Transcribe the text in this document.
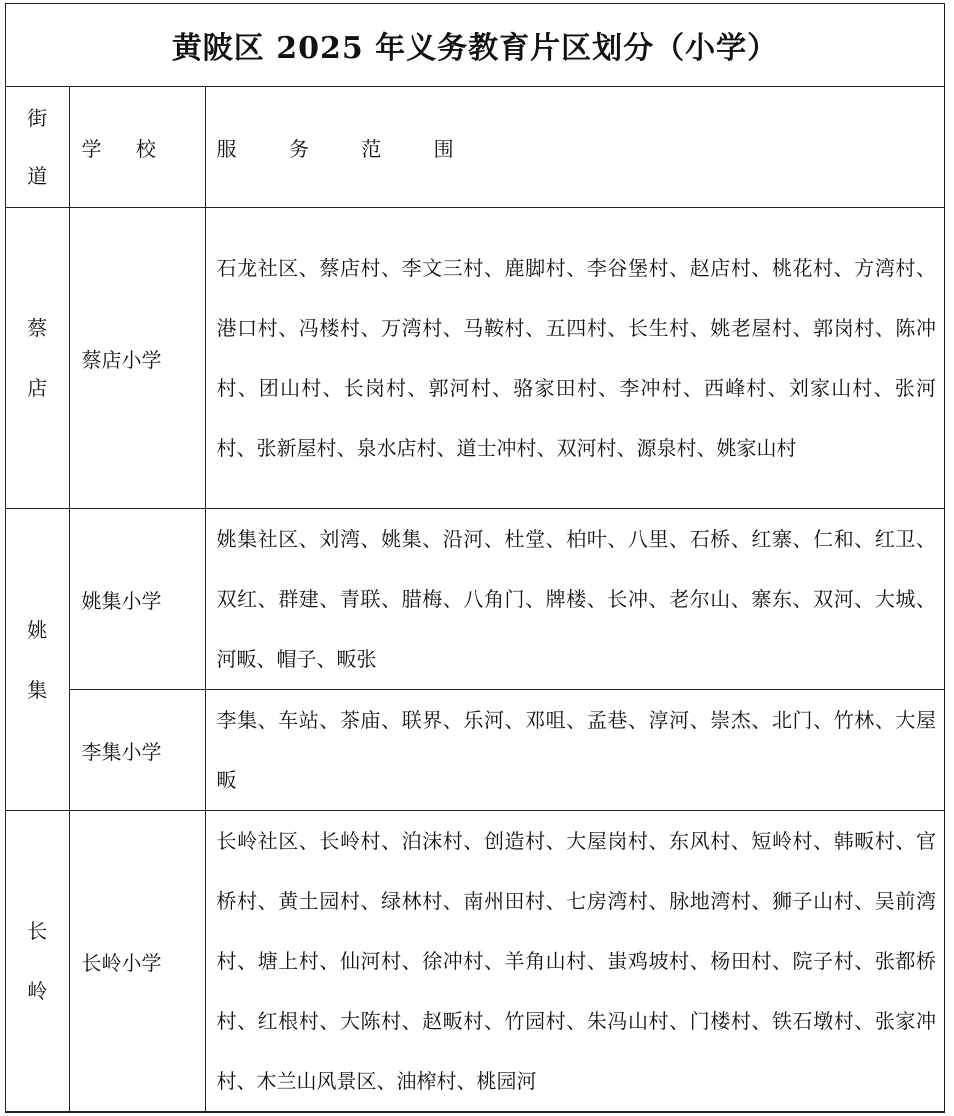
黄陂区 2025 年义务教育片区划分（小学）
街道	学 校	服 务 范 围
蔡店	蔡店小学	石龙社区、蔡店村、李文三村、鹿脚村、李谷堡村、赵店村、桃花村、方湾村、港口村、冯楼村、万湾村、马鞍村、五四村、长生村、姚老屋村、郭岗村、陈冲村、团山村、长岗村、郭河村、骆家田村、李冲村、西峰村、刘家山村、张河村、张新屋村、泉水店村、道士冲村、双河村、源泉村、姚家山村
姚集	姚集小学	姚集社区、刘湾、姚集、沿河、杜堂、柏叶、八里、石桥、红寨、仁和、红卫、双红、群建、青联、腊梅、八角门、牌楼、长冲、老尔山、寨东、双河、大城、河畈、帽子、畈张
	李集小学	李集、车站、茶庙、联界、乐河、邓咀、孟巷、淳河、崇杰、北门、竹林、大屋畈
长岭	长岭小学	长岭社区、长岭村、泊沫村、创造村、大屋岗村、东风村、短岭村、韩畈村、官桥村、黄土园村、绿林村、南州田村、七房湾村、脉地湾村、狮子山村、吴前湾村、塘上村、仙河村、徐冲村、羊角山村、蚩鸡坡村、杨田村、院子村、张都桥村、红根村、大陈村、赵畈村、竹园村、朱冯山村、门楼村、铁石墩村、张家冲村、木兰山风景区、油榨村、桃园河
